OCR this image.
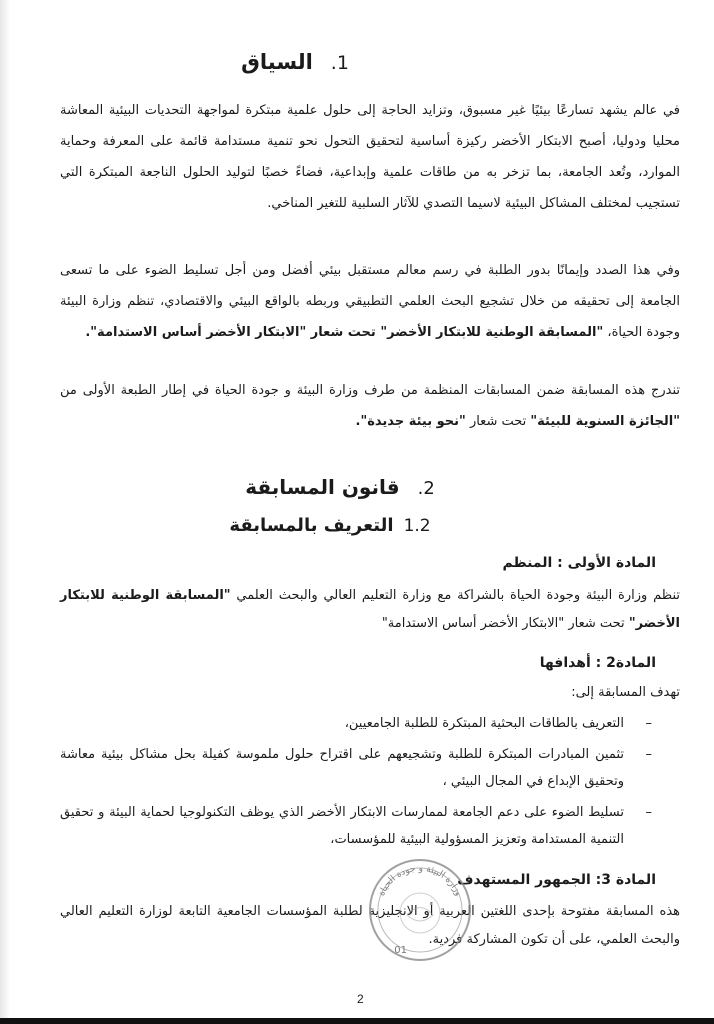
1.
السياق

في عالم يشهد تسارعًا بيئيًا غير مسبوق، وتزايد الحاجة إلى حلول علمية مبتكرة لمواجهة التحديات البيئية المعاشة محليا ودوليا، أصبح الابتكار الأخضر ركيزة أساسية لتحقيق التحول نحو تنمية مستدامة قائمة على المعرفة وحماية الموارد، وتُعد الجامعة، بما تزخر به من طاقات علمية وإبداعية، فضاءً خصبًا لتوليد الحلول الناجعة المبتكرة التي تستجيب لمختلف المشاكل البيئية لاسيما التصدي للآثار السلبية للتغير المناخي.

وفي هذا الصدد وإيمانًا بدور الطلبة في رسم معالم مستقبل بيئي أفضل ومن أجل تسليط الضوء على ما تسعى الجامعة إلى تحقيقه من خلال تشجيع البحث العلمي التطبيقي وربطه بالواقع البيئي والاقتصادي، تنظم وزارة البيئة وجودة الحياة، "المسابقة الوطنية للابتكار الأخضر" تحت شعار "الابتكار الأخضر أساس الاستدامة".

تندرج هذه المسابقة ضمن المسابقات المنظمة من طرف وزارة البيئة و جودة الحياة في إطار الطبعة الأولى من "الجائزة السنوية للبيئة" تحت شعار "نحو بيئة جديدة".

2.
قانون المسابقة
1.2
التعريف بالمسابقة
المادة الأولى : المنظم

تنظم وزارة البيئة وجودة الحياة بالشراكة مع وزارة التعليم العالي والبحث العلمي "المسابقة الوطنية للابتكار الأخضر" تحت شعار "الابتكار الأخضر أساس الاستدامة"

المادة2 : أهدافها

تهدف المسابقة إلى:

– التعريف بالطاقات البحثية المبتكرة للطلبة الجامعيين،
– تثمين المبادرات المبتكرة للطلبة وتشجيعهم على اقتراح حلول ملموسة كفيلة بحل مشاكل بيئية معاشة وتحقيق الإبداع في المجال البيئي ،
– تسليط الضوء على دعم الجامعة لممارسات الابتكار الأخضر الذي يوظف التكنولوجيا لحماية البيئة و تحقيق التنمية المستدامة وتعزيز المسؤولية البيئية للمؤسسات،
المادة 3: الجمهور المستهدف

هذه المسابقة مفتوحة بإحدى اللغتين العربية أو الانجليزية لطلبة المؤسسات الجامعية التابعة لوزارة التعليم العالي والبحث العلمي، على أن تكون المشاركة فردية.

وزارة البيئة و جودة الحياة
01
2
